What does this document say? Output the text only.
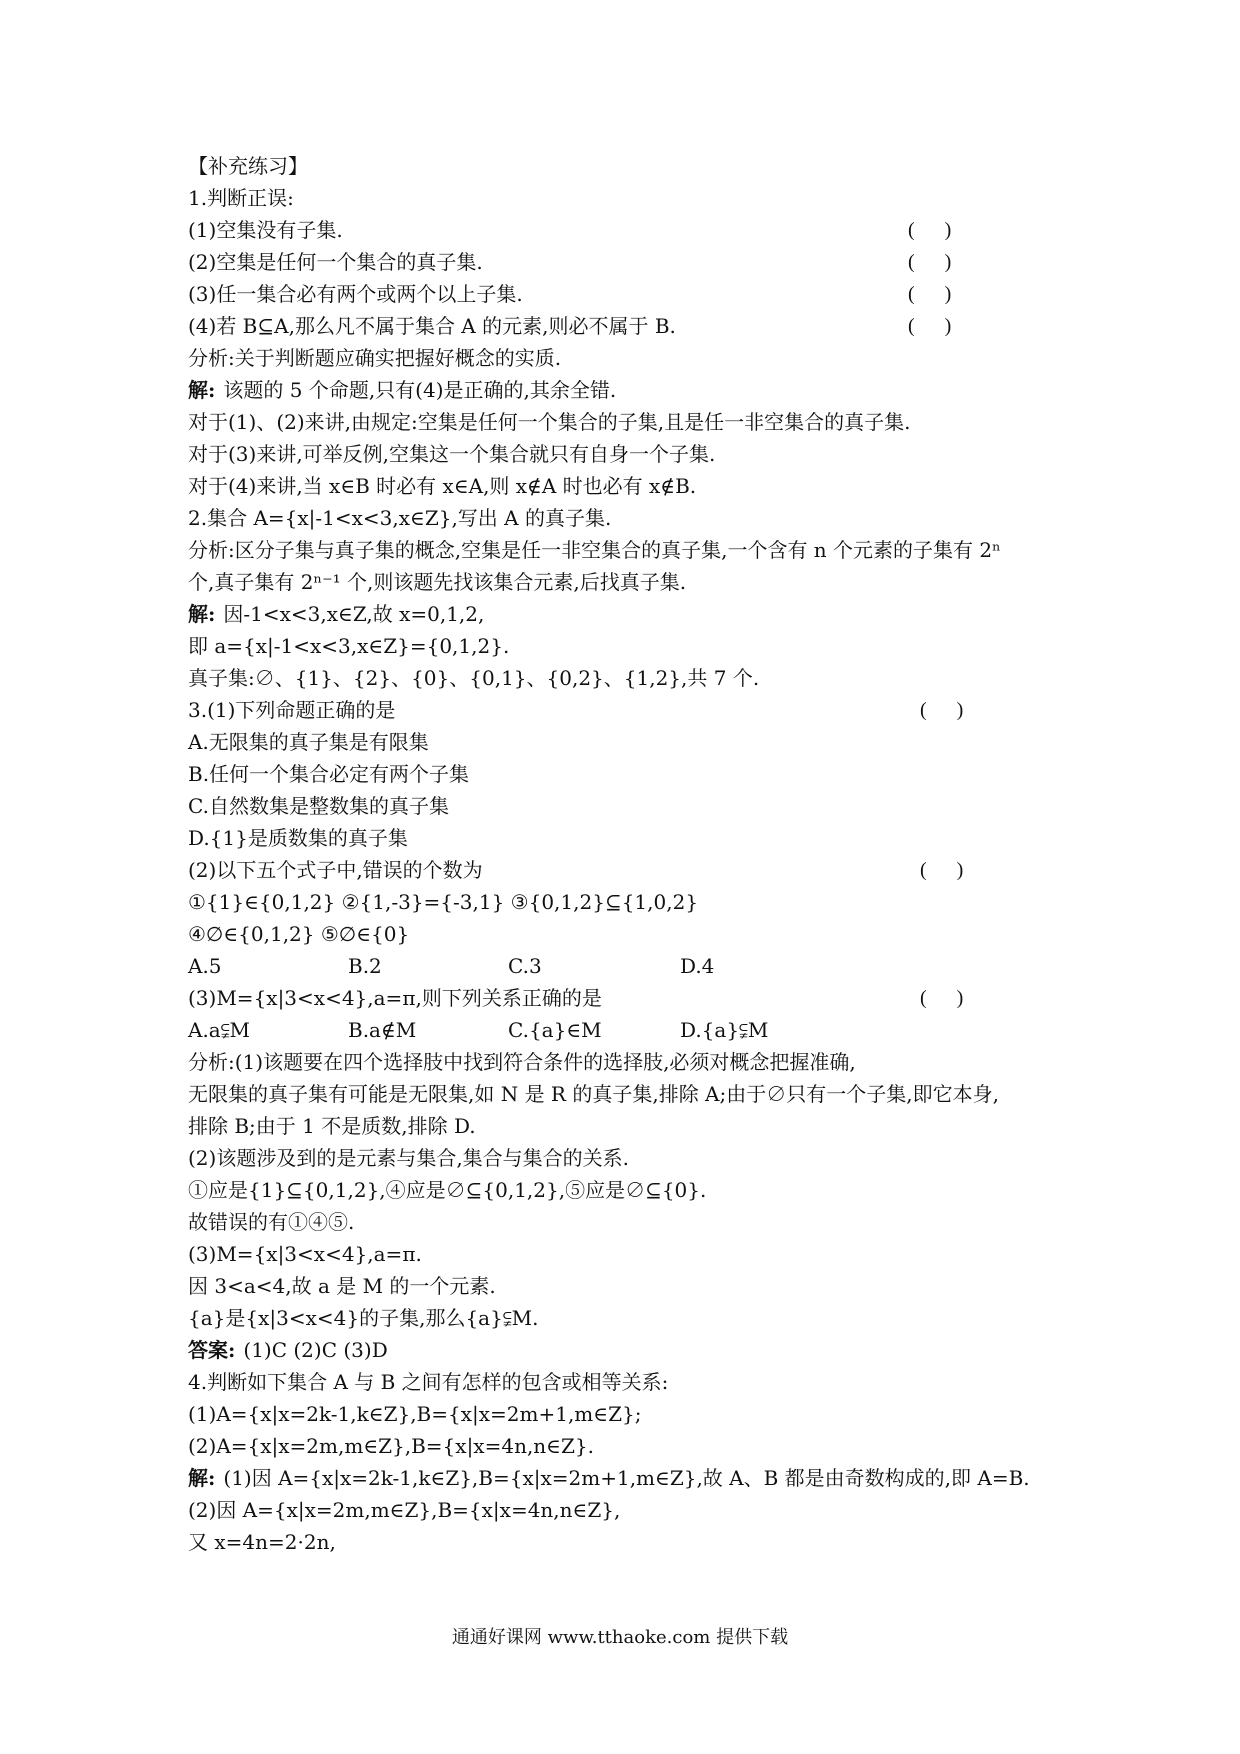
【补充练习】
1.判断正误:
(1)空集没有子集.
(2)空集是任何一个集合的真子集.
(3)任一集合必有两个或两个以上子集.
(4)若 B⊆A,那么凡不属于集合 A 的元素,则必不属于 B.
分析:关于判断题应确实把握好概念的实质.
解: 该题的 5 个命题,只有(4)是正确的,其余全错.
对于(1)、(2)来讲,由规定:空集是任何一个集合的子集,且是任一非空集合的真子集.
对于(3)来讲,可举反例,空集这一个集合就只有自身一个子集.
对于(4)来讲,当 x∈B 时必有 x∈A,则 x∉A 时也必有 x∉B.
2.集合 A={x|-1<x<3,x∈Z},写出 A 的真子集.
分析:区分子集与真子集的概念,空集是任一非空集合的真子集,一个含有 n 个元素的子集有 2ⁿ
个,真子集有 2ⁿ⁻¹ 个,则该题先找该集合元素,后找真子集.
解: 因-1<x<3,x∈Z,故 x=0,1,2,
即 a={x|-1<x<3,x∈Z}={0,1,2}.
真子集:∅、{1}、{2}、{0}、{0,1}、{0,2}、{1,2},共 7 个.
3.(1)下列命题正确的是
A.无限集的真子集是有限集
B.任何一个集合必定有两个子集
C.自然数集是整数集的真子集
D.{1}是质数集的真子集
(2)以下五个式子中,错误的个数为
①{1}∈{0,1,2} ②{1,-3}={-3,1} ③{0,1,2}⊆{1,0,2}
④∅∈{0,1,2} ⑤∅∈{0}
A.5	B.2	C.3	D.4
(3)M={x|3<x<4},a=π,则下列关系正确的是
A.a⫋M	B.a∉M	C.{a}∈M	D.{a}⫋M
分析:(1)该题要在四个选择肢中找到符合条件的选择肢,必须对概念把握准确,
无限集的真子集有可能是无限集,如 N 是 R 的真子集,排除 A;由于∅只有一个子集,即它本身,
排除 B;由于 1 不是质数,排除 D.
(2)该题涉及到的是元素与集合,集合与集合的关系.
①应是{1}⊆{0,1,2},④应是∅⊆{0,1,2},⑤应是∅⊆{0}.
故错误的有①④⑤.
(3)M={x|3<x<4},a=π.
因 3<a<4,故 a 是 M 的一个元素.
{a}是{x|3<x<4}的子集,那么{a}⫋M.
答案: (1)C (2)C (3)D
4.判断如下集合 A 与 B 之间有怎样的包含或相等关系:
(1)A={x|x=2k-1,k∈Z},B={x|x=2m+1,m∈Z};
(2)A={x|x=2m,m∈Z},B={x|x=4n,n∈Z}.
解: (1)因 A={x|x=2k-1,k∈Z},B={x|x=2m+1,m∈Z},故 A、B 都是由奇数构成的,即 A=B.
(2)因 A={x|x=2m,m∈Z},B={x|x=4n,n∈Z},
又 x=4n=2·2n,
(      )
(      )
(      )
(      )
(      )
(      )
(      )
通通好课网 www.tthaoke.com 提供下载
